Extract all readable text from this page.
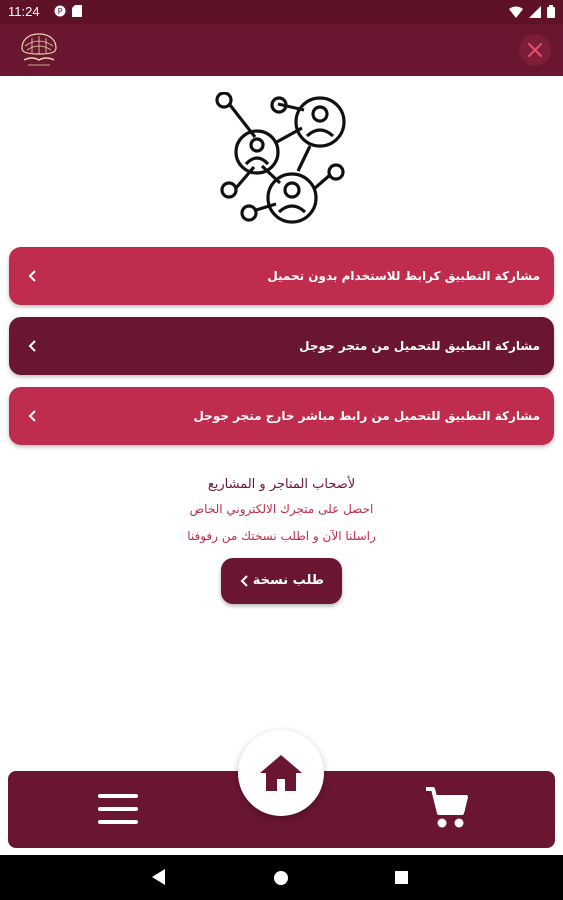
11:24 P
مشاركة التطبيق كرابط للاستخدام بدون تحميل
مشاركة التطبيق للتحميل من متجر جوجل
مشاركة التطبيق للتحميل من رابط مباشر خارج متجر جوجل
لأصحاب المتاجر و المشاريع
احصل على متجرك الالكتروني الخاص
راسلنا الآن و اطلب نسختك من رفوفنا
طلب نسخة
